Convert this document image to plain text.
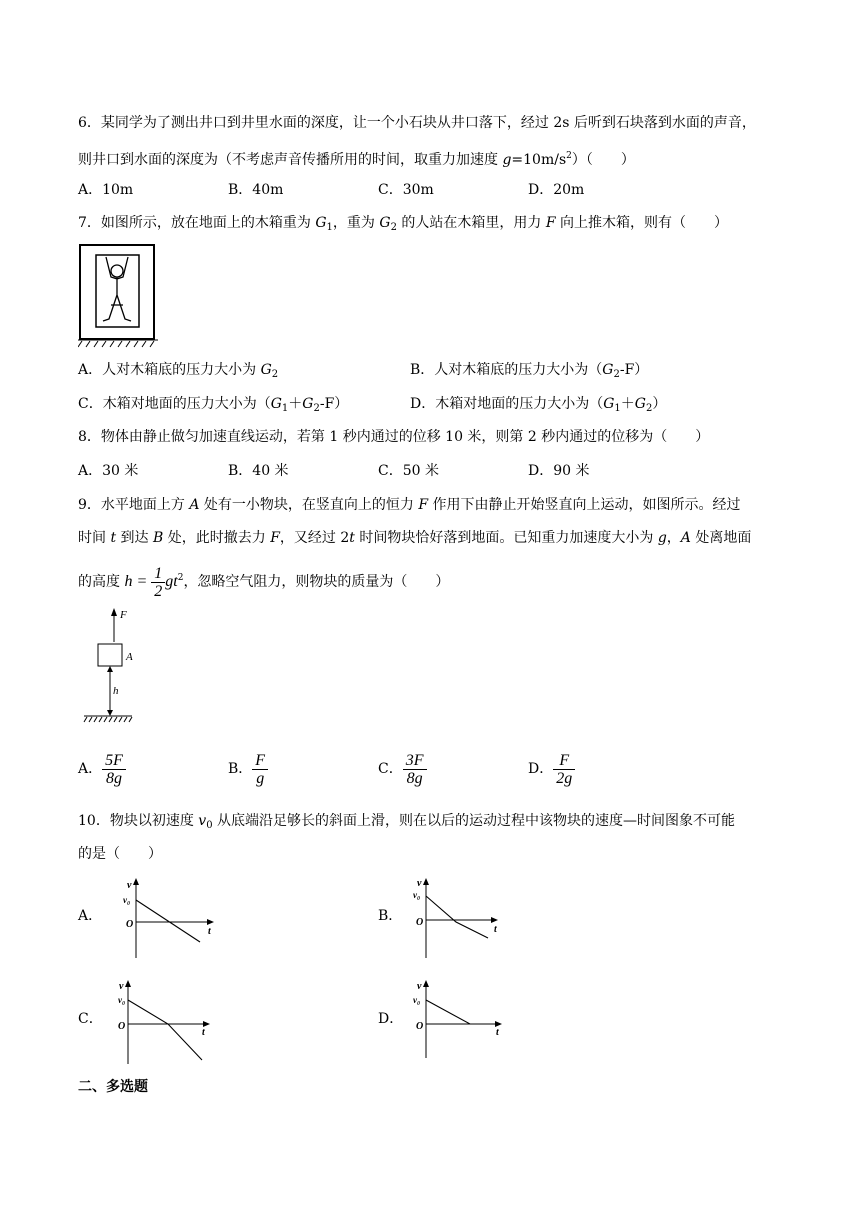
6．某同学为了测出井口到井里水面的深度，让一个小石块从井口落下，经过 2s 后听到石块落到水面的声音，
则井口到水面的深度为（不考虑声音传播所用的时间，取重力加速度 $g=10m/s^2$）（　　）
A．10m	B．40m	C．30m	D．20m
7．如图所示，放在地面上的木箱重为 $G_1$，重为 $G_2$ 的人站在木箱里，用力 F 向上推木箱，则有（　　）
A．人对木箱底的压力大小为 $G_2$	B．人对木箱底的压力大小为$(G_2-F)$
C．木箱对地面的压力大小为$(G_1+G_2-F)$	D．木箱对地面的压力大小为$(G_1+G_2)$
8．物体由静止做匀加速直线运动，若第 1 秒内通过的位移 10 米，则第 2 秒内通过的位移为（　　）
A．30 米	B．40 米	C．50 米	D．90 米
9．水平地面上方 A 处有一小物块，在竖直向上的恒力 F 作用下由静止开始竖直向上运动，如图所示。经过
时间 t 到达 B 处，此时撤去力 F，又经过 2t 时间物块恰好落到地面。已知重力加速度大小为 g，A 处离地面
的高度 $h = \frac{1}{2} gt^2$，忽略空气阻力，则物块的质量为（　　）
F
A
h
A． $\frac{5F}{8g}$	B． $\frac{F}{g}$	C． $\frac{3F}{8g}$	D． $\frac{F}{2g}$
10．物块以初速度 $v_0$ 从底端沿足够长的斜面上滑，则在以后的运动过程中该物块的速度—时间图象不可能
的是（　　）
A．	B．
C．	D．
v
v₀
O
t
v
v₀
O
t
v
v₀
O
t
v
v₀
O
t
二、多选题
